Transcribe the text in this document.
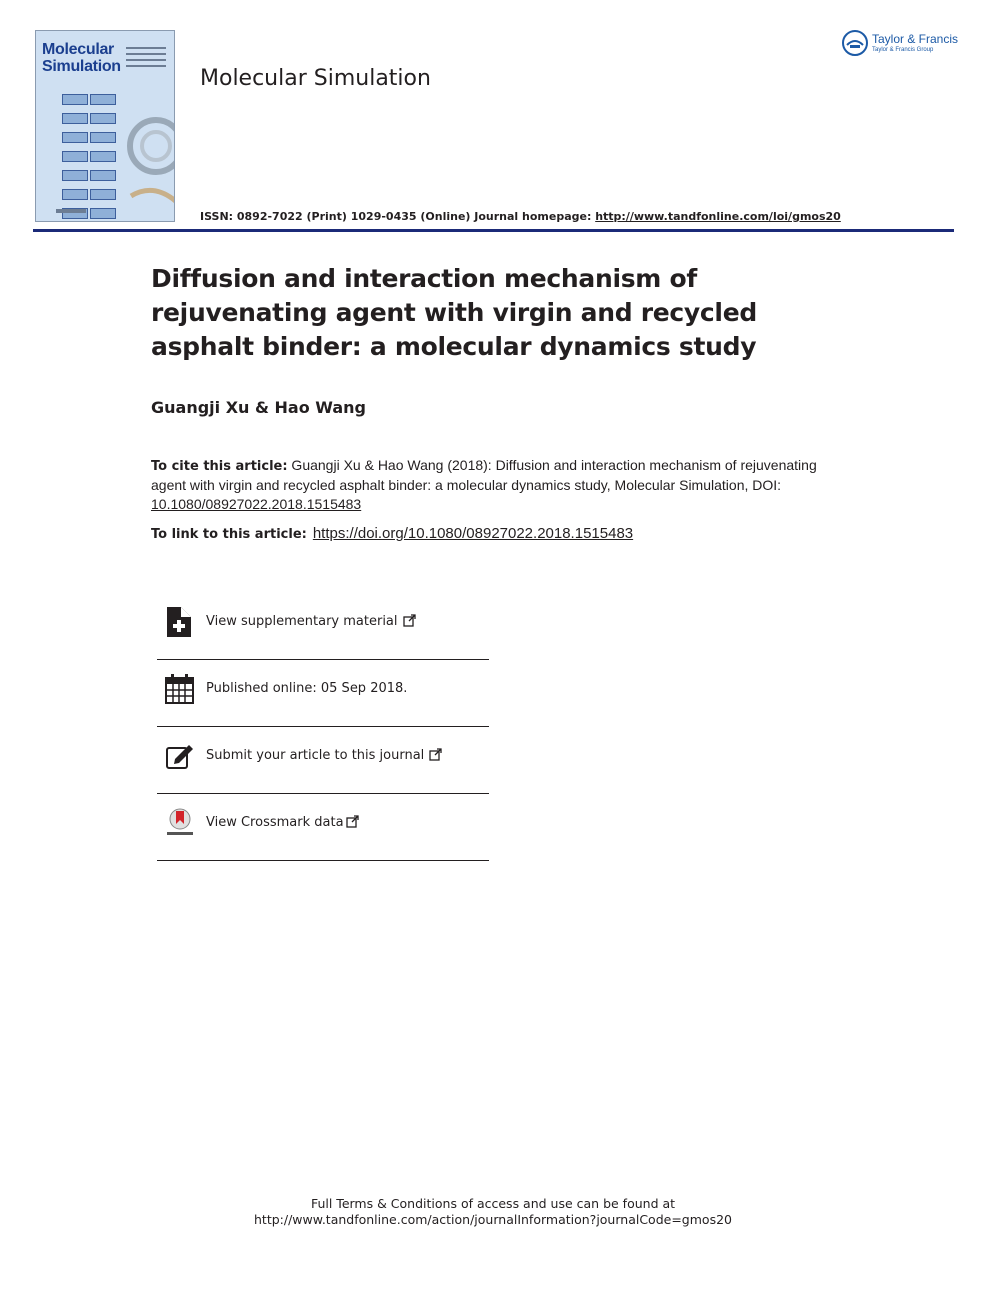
Molecular
Simulation
	Molecular Simulation
Taylor & Francis
Taylor & Francis Group
ISSN: 0892-7022 (Print) 1029-0435 (Online) Journal homepage: http://www.tandfonline.com/loi/gmos20
Diffusion and interaction mechanism of rejuvenating agent with virgin and recycled asphalt binder: a molecular dynamics study
Guangji Xu & Hao Wang
To cite this article: Guangji Xu & Hao Wang (2018): Diffusion and interaction mechanism of rejuvenating agent with virgin and recycled asphalt binder: a molecular dynamics study, Molecular Simulation, DOI: 10.1080/08927022.2018.1515483
To link to this article: https://doi.org/10.1080/08927022.2018.1515483
View supplementary material
Published online: 05 Sep 2018.
Submit your article to this journal
View Crossmark data
Full Terms & Conditions of access and use can be found at
http://www.tandfonline.com/action/journalInformation?journalCode=gmos20
